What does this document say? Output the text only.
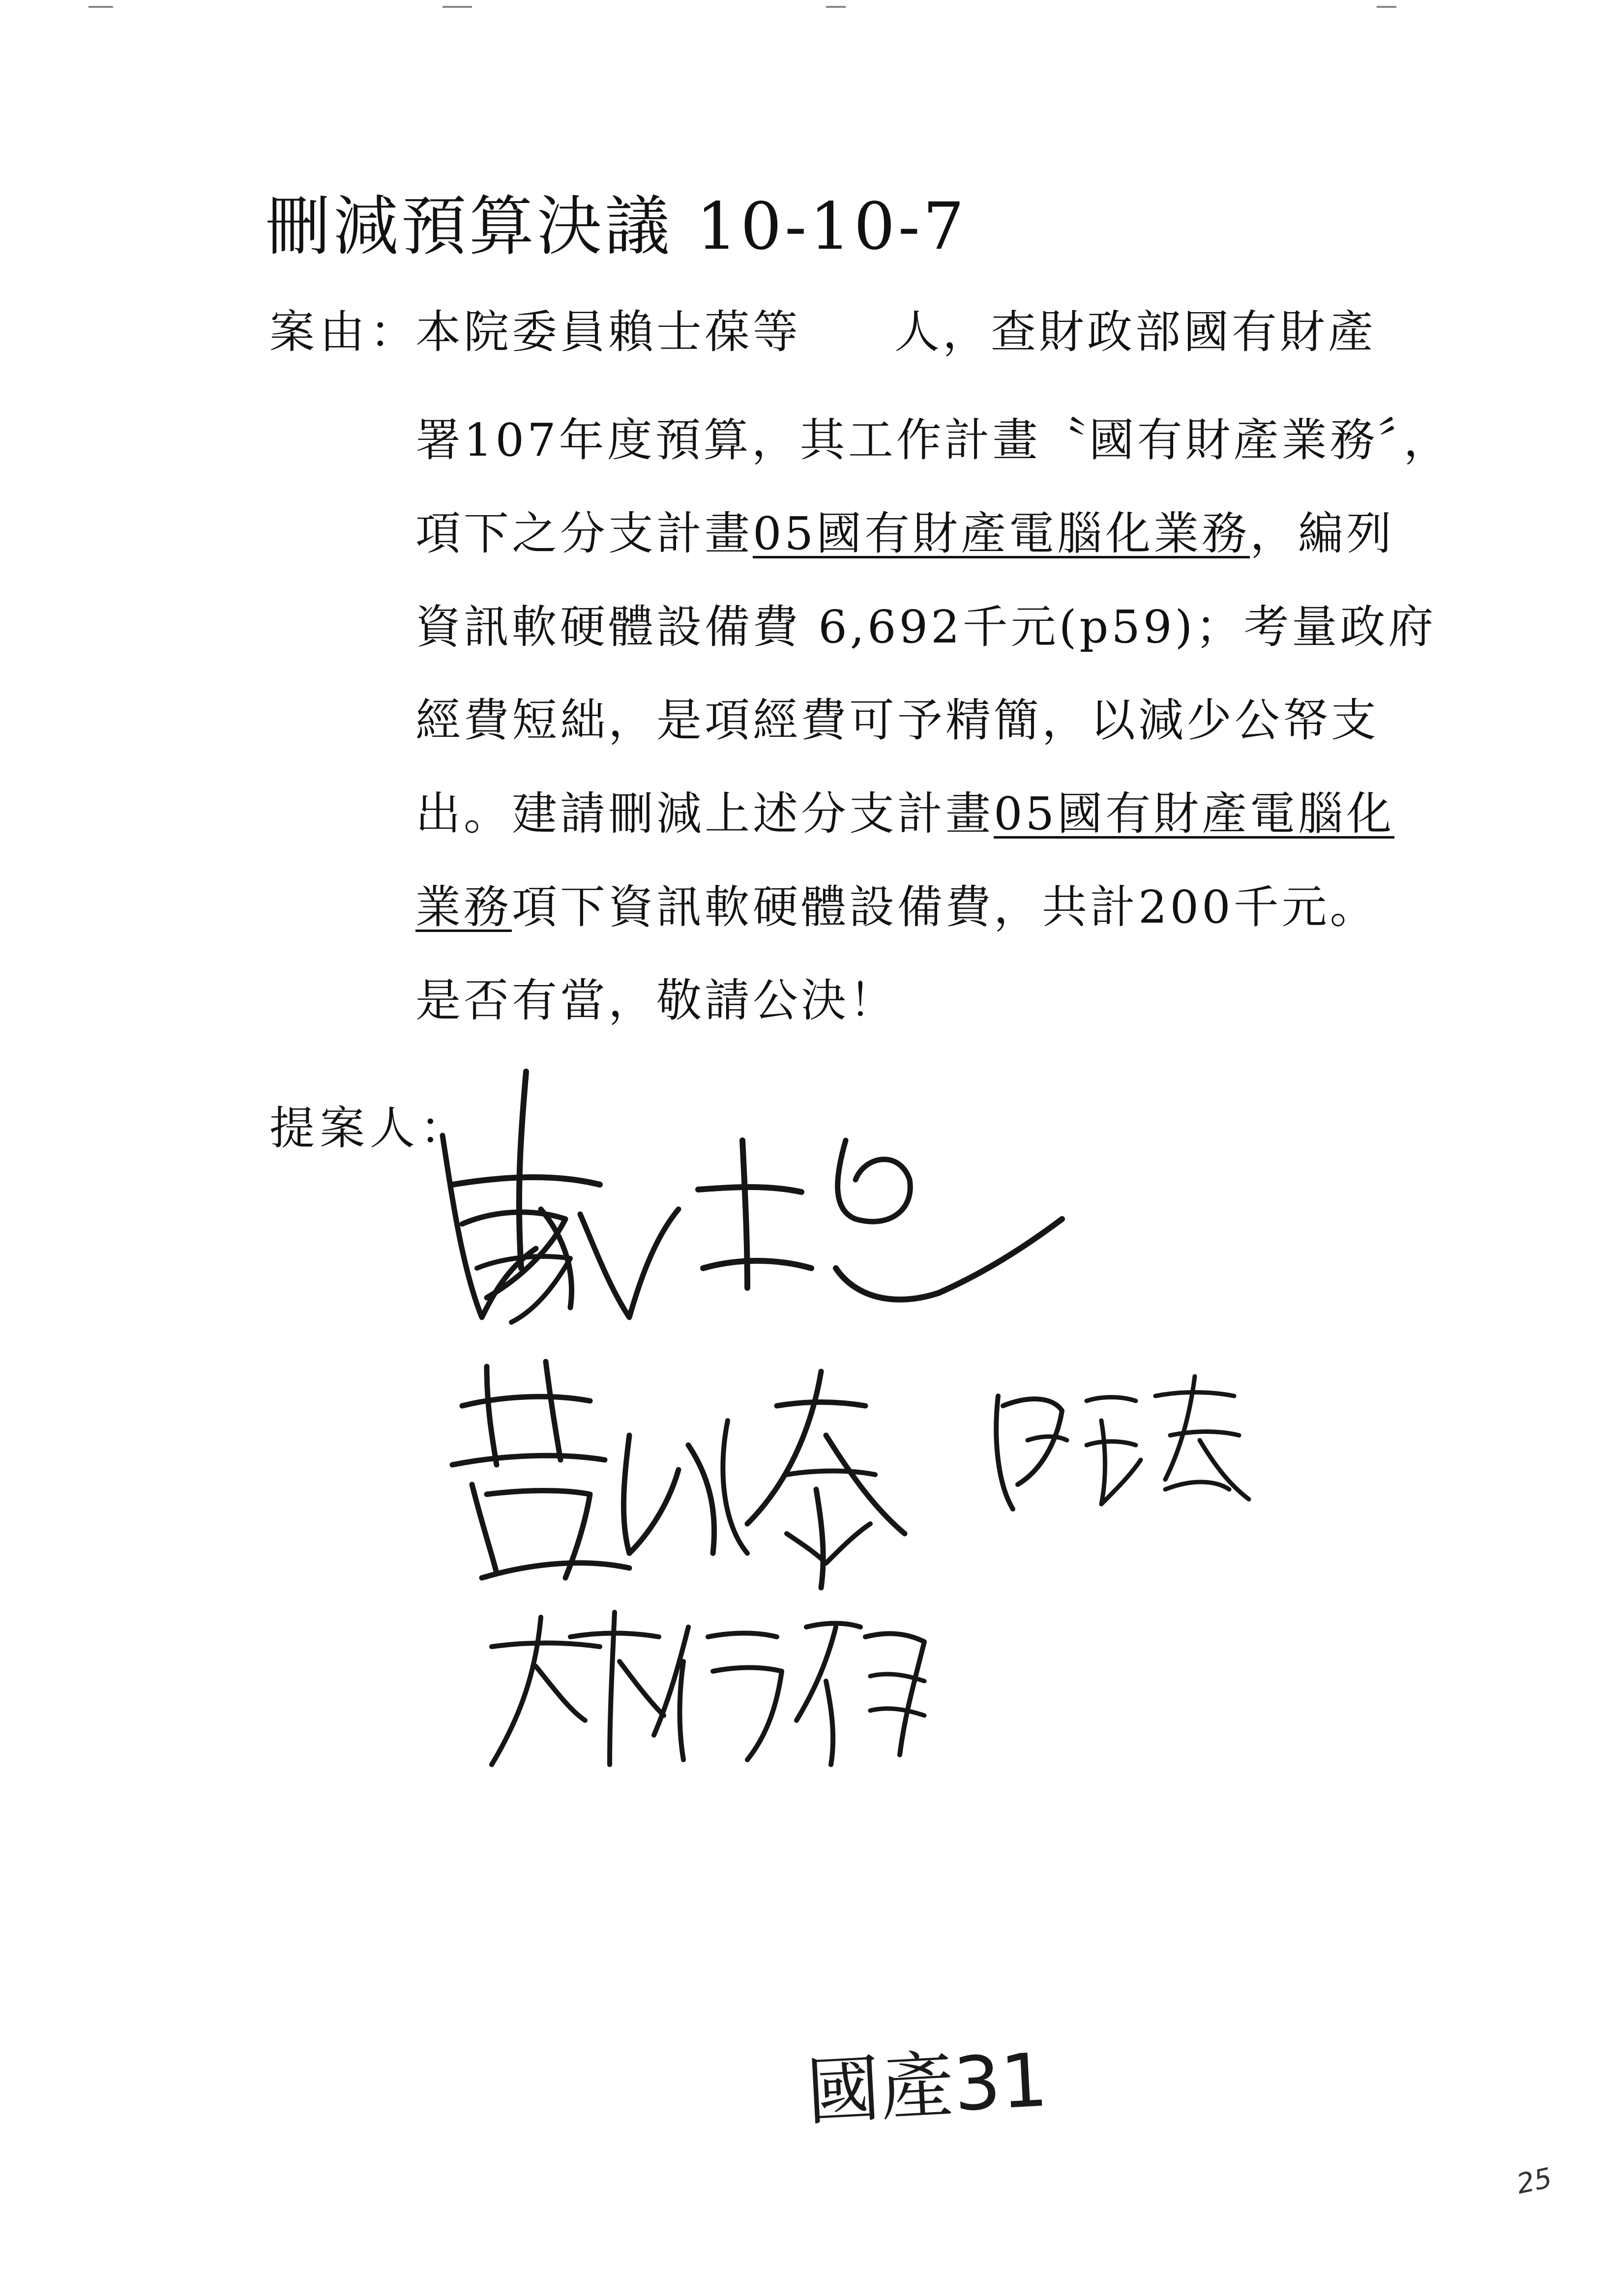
刪減預算決議 10-10-7
案由：
本院委員賴士葆等 人，查財政部國有財產
署107年度預算，其工作計畫〝國有財產業務〞，
項下之分支計畫05國有財產電腦化業務，編列
資訊軟硬體設備費 6,692千元(p59)；考量政府
經費短絀，是項經費可予精簡，以減少公帑支
出。建請刪減上述分支計畫05國有財產電腦化
業務項下資訊軟硬體設備費，共計200千元。
是否有當，敬請公決！
提案人：
國產31
25
